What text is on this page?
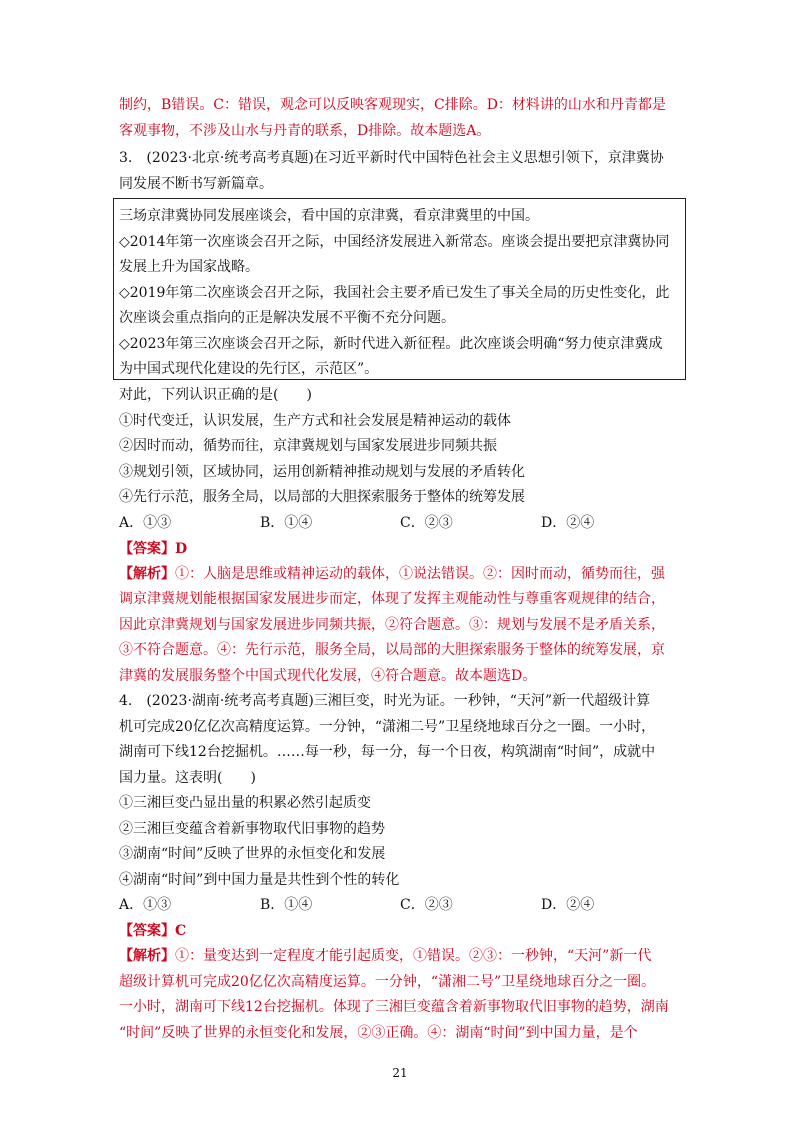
制约，B错误。C：错误，观念可以反映客观现实，C排除。D：材料讲的山水和丹青都是
客观事物，不涉及山水与丹青的联系，D排除。故本题选A。
3.　(2023·北京·统考高考真题)在习近平新时代中国特色社会主义思想引领下，京津冀协
同发展不断书写新篇章。
三场京津冀协同发展座谈会，看中国的京津冀，看京津冀里的中国。
◇2014年第一次座谈会召开之际，中国经济发展进入新常态。座谈会提出要把京津冀协同
发展上升为国家战略。
◇2019年第二次座谈会召开之际，我国社会主要矛盾已发生了事关全局的历史性变化，此
次座谈会重点指向的正是解决发展不平衡不充分问题。
◇2023年第三次座谈会召开之际，新时代进入新征程。此次座谈会明确“努力使京津冀成
为中国式现代化建设的先行区，示范区”。
对此，下列认识正确的是(　　)
①时代变迁，认识发展，生产方式和社会发展是精神运动的载体
②因时而动，循势而往，京津冀规划与国家发展进步同频共振
③规划引领，区域协同，运用创新精神推动规划与发展的矛盾转化
④先行示范，服务全局，以局部的大胆探索服务于整体的统筹发展
A．①③	B．①④	C．②③	D．②④
【答案】D
【解析】①：人脑是思维或精神运动的载体，①说法错误。②：因时而动，循势而往，强
调京津冀规划能根据国家发展进步而定，体现了发挥主观能动性与尊重客观规律的结合，
因此京津冀规划与国家发展进步同频共振，②符合题意。③：规划与发展不是矛盾关系，
③不符合题意。④：先行示范，服务全局，以局部的大胆探索服务于整体的统筹发展，京
津冀的发展服务整个中国式现代化发展，④符合题意。故本题选D。
4.　(2023·湖南·统考高考真题)三湘巨变，时光为证。一秒钟，“天河”新一代超级计算
机可完成20亿亿次高精度运算。一分钟，“潇湘二号”卫星绕地球百分之一圈。一小时，
湖南可下线12台挖掘机。……每一秒，每一分，每一个日夜，构筑湖南“时间”，成就中
国力量。这表明(　　)
①三湘巨变凸显出量的积累必然引起质变
②三湘巨变蕴含着新事物取代旧事物的趋势
③湖南“时间”反映了世界的永恒变化和发展
④湖南“时间”到中国力量是共性到个性的转化
A．①③	B．①④	C．②③	D．②④
【答案】C
【解析】①：量变达到一定程度才能引起质变，①错误。②③：一秒钟，“天河”新一代
超级计算机可完成20亿亿次高精度运算。一分钟，“潇湘二号”卫星绕地球百分之一圈。
一小时，湖南可下线12台挖掘机。体现了三湘巨变蕴含着新事物取代旧事物的趋势，湖南
“时间”反映了世界的永恒变化和发展，②③正确。④：湖南“时间”到中国力量，是个
21
